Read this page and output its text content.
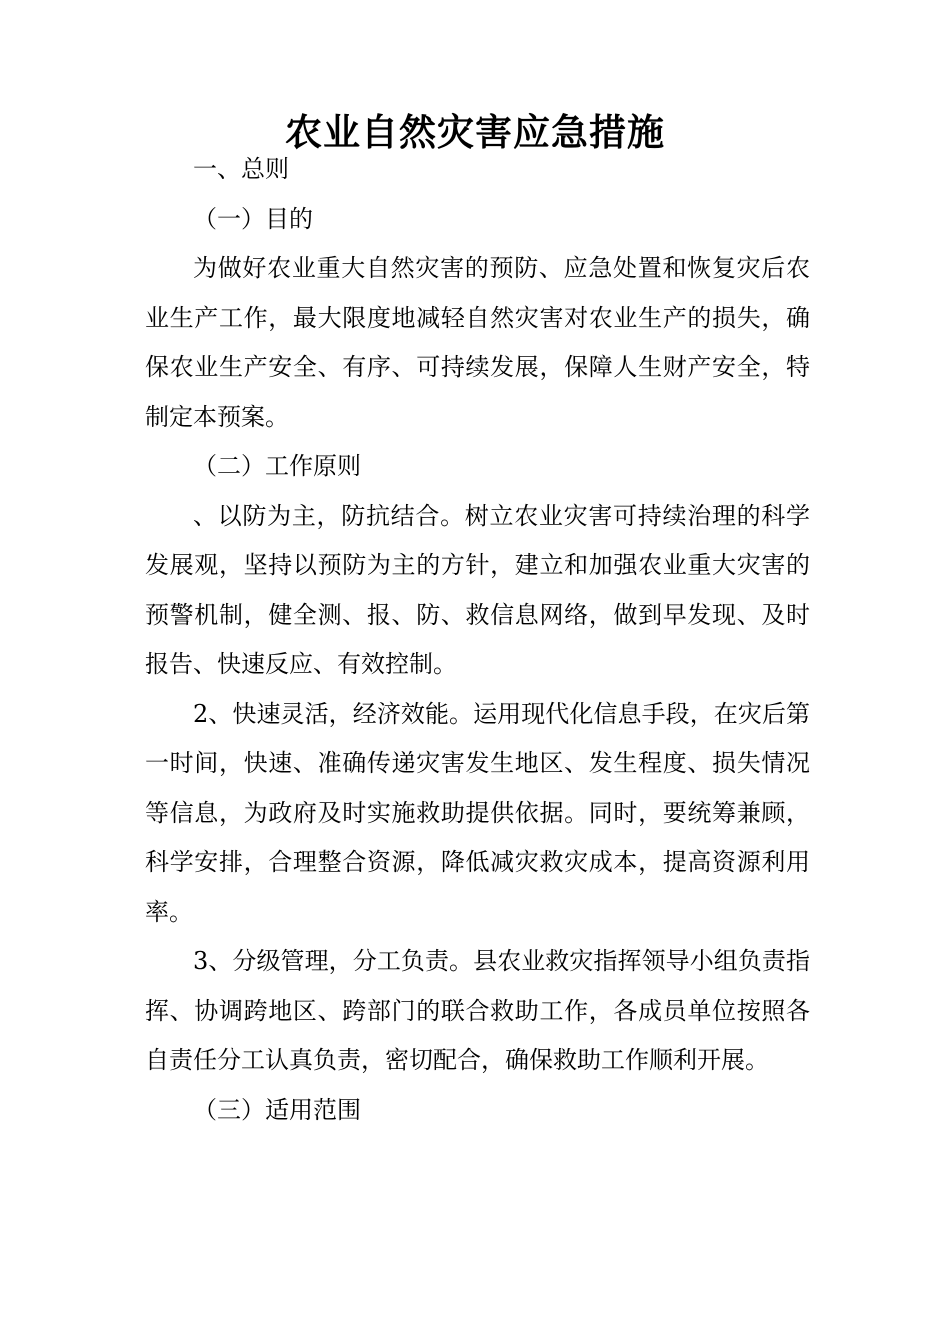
农业自然灾害应急措施

一、总则

（一）目的

为做好农业重大自然灾害的预防、应急处置和恢复灾后农业生产工作，最大限度地减轻自然灾害对农业生产的损失，确保农业生产安全、有序、可持续发展，保障人生财产安全，特制定本预案。

（二）工作原则

、以防为主，防抗结合。树立农业灾害可持续治理的科学发展观，坚持以预防为主的方针，建立和加强农业重大灾害的预警机制，健全测、报、防、救信息网络，做到早发现、及时报告、快速反应、有效控制。

2、快速灵活，经济效能。运用现代化信息手段，在灾后第一时间，快速、准确传递灾害发生地区、发生程度、损失情况等信息，为政府及时实施救助提供依据。同时，要统筹兼顾，科学安排，合理整合资源，降低减灾救灾成本，提高资源利用率。

3、分级管理，分工负责。县农业救灾指挥领导小组负责指挥、协调跨地区、跨部门的联合救助工作，各成员单位按照各自责任分工认真负责，密切配合，确保救助工作顺利开展。

（三）适用范围
